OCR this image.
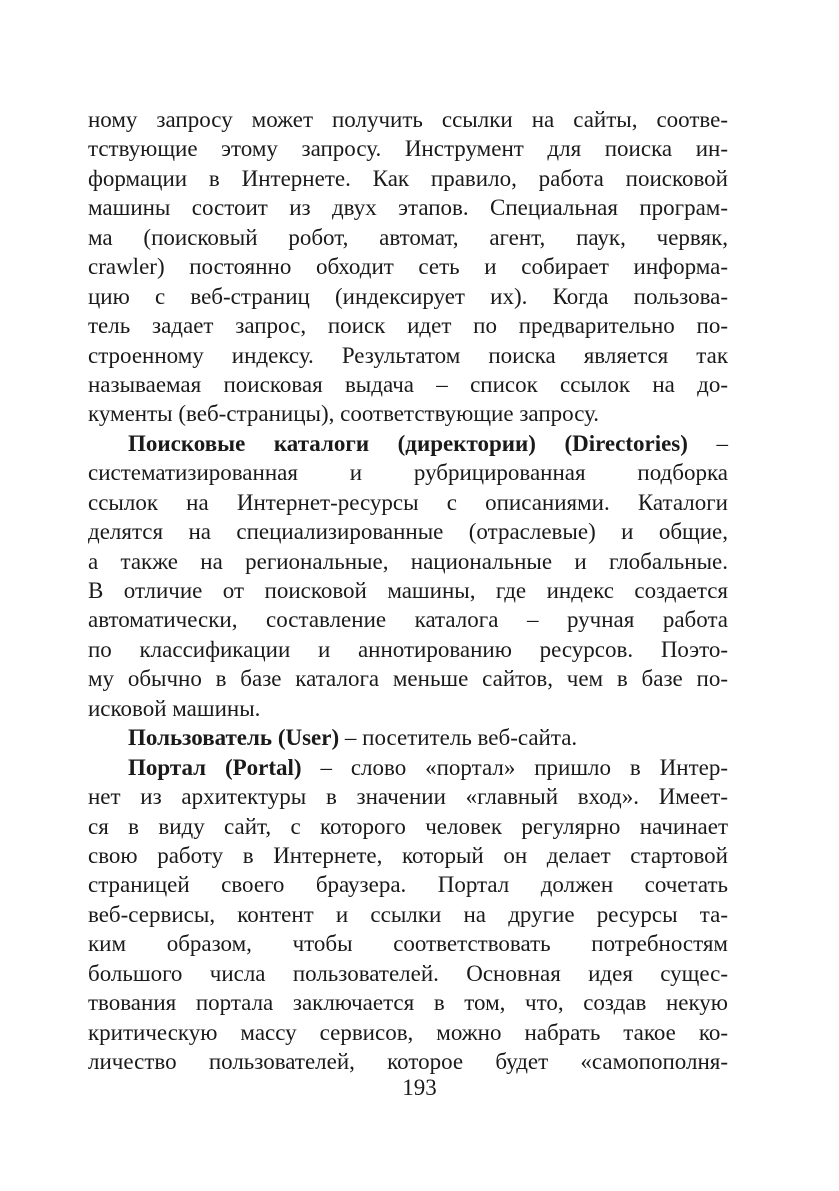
ному запросу может получить ссылки на сайты, соотве-
тствующие этому запросу. Инструмент для поиска ин-
формации в Интернете. Как правило, работа поисковой
машины состоит из двух этапов. Специальная програм-
ма (поисковый робот, автомат, агент, паук, червяк,
crawler) постоянно обходит сеть и собирает информа-
цию с веб-страниц (индексирует их). Когда пользова-
тель задает запрос, поиск идет по предварительно по-
строенному индексу. Результатом поиска является так
называемая поисковая выдача – список ссылок на до-
кументы (веб-страницы), соответствующие запросу.
Поисковые каталоги (директории) (Directories) –
систематизированная и рубрицированная подборка
ссылок на Интернет-ресурсы с описаниями. Каталоги
делятся на специализированные (отраслевые) и общие,
а также на региональные, национальные и глобальные.
В отличие от поисковой машины, где индекс создается
автоматически, составление каталога – ручная работа
по классификации и аннотированию ресурсов. Поэто-
му обычно в базе каталога меньше сайтов, чем в базе по-
исковой машины.
Пользователь (User) – посетитель веб-сайта.
Портал (Portal) – слово «портал» пришло в Интер-
нет из архитектуры в значении «главный вход». Имеет-
ся в виду сайт, с которого человек регулярно начинает
свою работу в Интернете, который он делает стартовой
страницей своего браузера. Портал должен сочетать
веб-сервисы, контент и ссылки на другие ресурсы та-
ким образом, чтобы соответствовать потребностям
большого числа пользователей. Основная идея сущес-
твования портала заключается в том, что, создав некую
критическую массу сервисов, можно набрать такое ко-
личество пользователей, которое будет «самопополня-
193
